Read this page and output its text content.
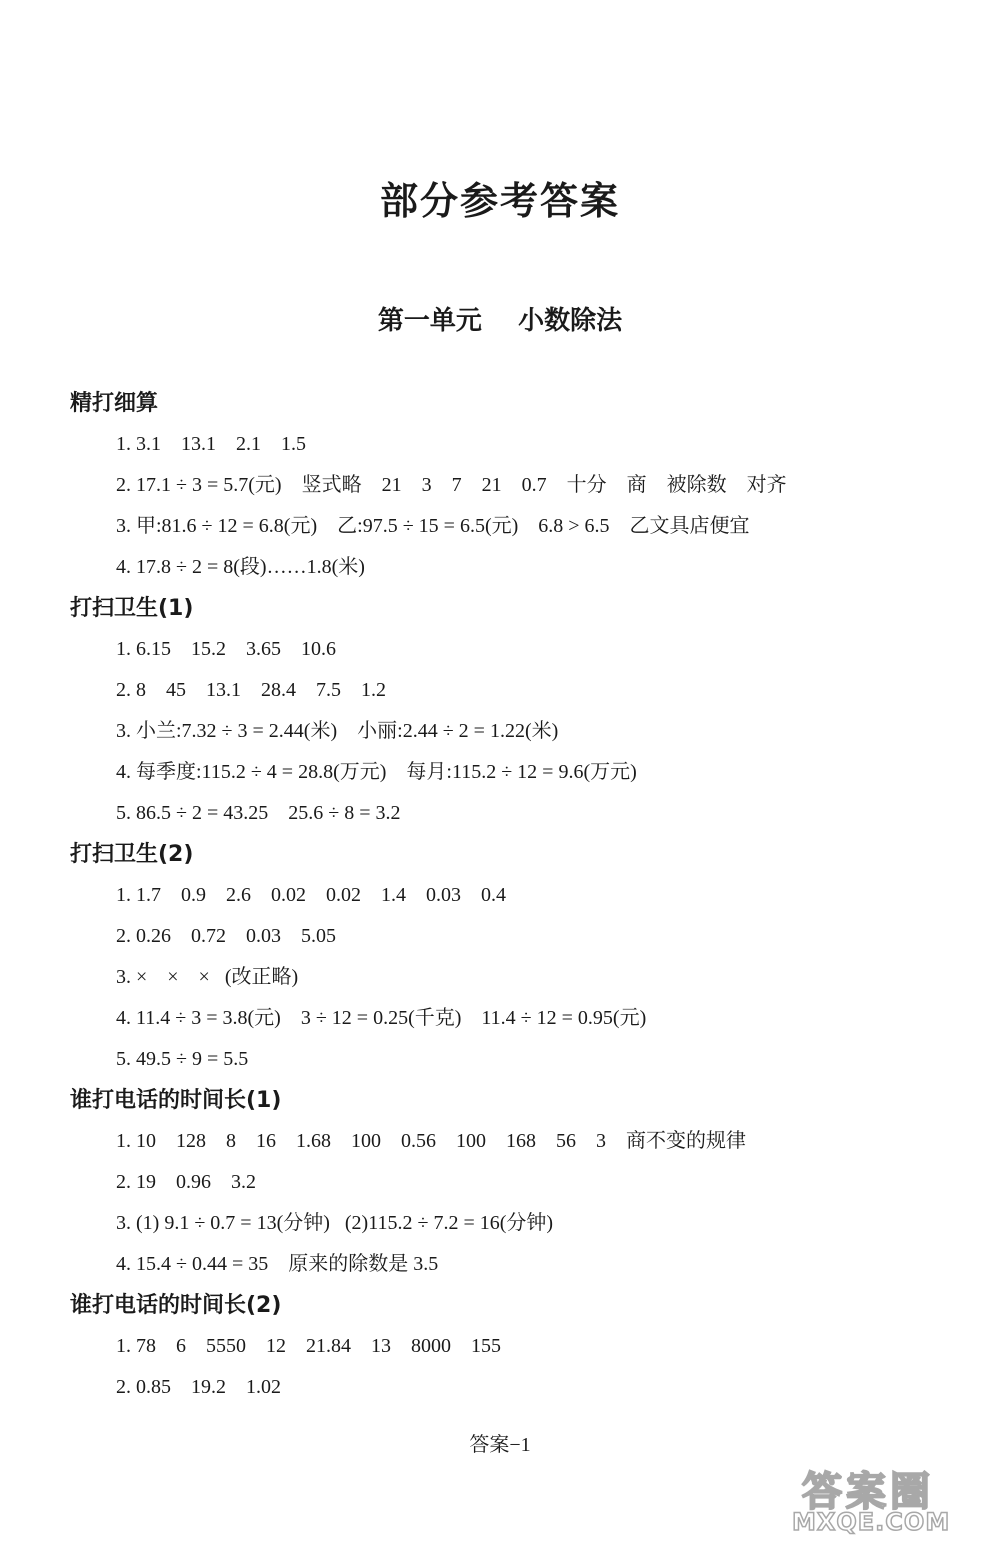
部分参考答案
第一单元    小数除法
精打细算
1. 3.1    13.1    2.1    1.5
2. 17.1 ÷ 3 = 5.7(元)    竖式略    21    3    7    21    0.7    十分    商    被除数    对齐
3. 甲:81.6 ÷ 12 = 6.8(元)    乙:97.5 ÷ 15 = 6.5(元)    6.8 > 6.5    乙文具店便宜
4. 17.8 ÷ 2 = 8(段)……1.8(米)
打扫卫生(1)
1. 6.15    15.2    3.65    10.6
2. 8    45    13.1    28.4    7.5    1.2
3. 小兰:7.32 ÷ 3 = 2.44(米)    小丽:2.44 ÷ 2 = 1.22(米)
4. 每季度:115.2 ÷ 4 = 28.8(万元)    每月:115.2 ÷ 12 = 9.6(万元)
5. 86.5 ÷ 2 = 43.25    25.6 ÷ 8 = 3.2
打扫卫生(2)
1. 1.7    0.9    2.6    0.02    0.02    1.4    0.03    0.4
2. 0.26    0.72    0.03    5.05
3. ×    ×    ×   (改正略)
4. 11.4 ÷ 3 = 3.8(元)    3 ÷ 12 = 0.25(千克)    11.4 ÷ 12 = 0.95(元)
5. 49.5 ÷ 9 = 5.5
谁打电话的时间长(1)
1. 10    128    8    16    1.68    100    0.56    100    168    56    3    商不变的规律
2. 19    0.96    3.2
3. (1) 9.1 ÷ 0.7 = 13(分钟)   (2)115.2 ÷ 7.2 = 16(分钟)
4. 15.4 ÷ 0.44 = 35    原来的除数是 3.5
谁打电话的时间长(2)
1. 78    6    5550    12    21.84    13    8000    155
2. 0.85    19.2    1.02
答案−1
答案圈
MXQE.COM
